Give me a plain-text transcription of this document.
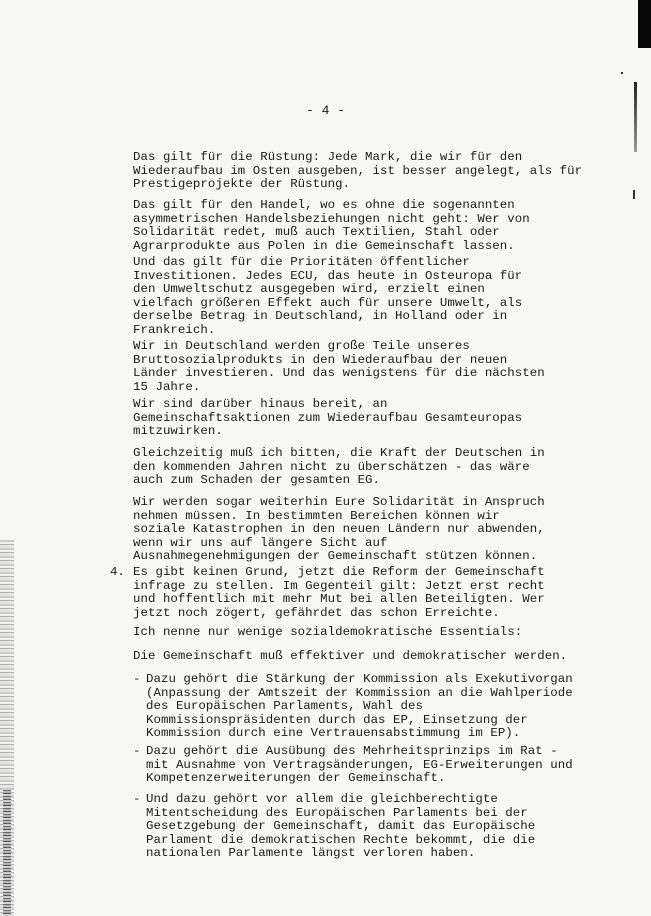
- 4 -

Das gilt für die Rüstung: Jede Mark, die wir für den
Wiederaufbau im Osten ausgeben, ist besser angelegt, als für
Prestigeprojekte der Rüstung.

Das gilt für den Handel, wo es ohne die sogenannten
asymmetrischen Handelsbeziehungen nicht geht: Wer von
Solidarität redet, muß auch Textilien, Stahl oder
Agrarprodukte aus Polen in die Gemeinschaft lassen.

Und das gilt für die Prioritäten öffentlicher
Investitionen. Jedes ECU, das heute in Osteuropa für
den Umweltschutz ausgegeben wird, erzielt einen
vielfach größeren Effekt auch für unsere Umwelt, als
derselbe Betrag in Deutschland, in Holland oder in
Frankreich.

Wir in Deutschland werden große Teile unseres
Bruttosozialprodukts in den Wiederaufbau der neuen
Länder investieren. Und das wenigstens für die nächsten
15 Jahre.

Wir sind darüber hinaus bereit, an
Gemeinschaftsaktionen zum Wiederaufbau Gesamteuropas
mitzuwirken.

Gleichzeitig muß ich bitten, die Kraft der Deutschen in
den kommenden Jahren nicht zu überschätzen - das wäre
auch zum Schaden der gesamten EG.

Wir werden sogar weiterhin Eure Solidarität in Anspruch
nehmen müssen. In bestimmten Bereichen können wir
soziale Katastrophen in den neuen Ländern nur abwenden,
wenn wir uns auf längere Sicht auf
Ausnahmegenehmigungen der Gemeinschaft stützen können.

4. Es gibt keinen Grund, jetzt die Reform der Gemeinschaft
infrage zu stellen. Im Gegenteil gilt: Jetzt erst recht
und hoffentlich mit mehr Mut bei allen Beteiligten. Wer
jetzt noch zögert, gefährdet das schon Erreichte.

Ich nenne nur wenige sozialdemokratische Essentials:

Die Gemeinschaft muß effektiver und demokratischer werden.

- Dazu gehört die Stärkung der Kommission als Exekutivorgan
(Anpassung der Amtszeit der Kommission an die Wahlperiode
des Europäischen Parlaments, Wahl des
Kommissionspräsidenten durch das EP, Einsetzung der
Kommission durch eine Vertrauensabstimmung im EP).

- Dazu gehört die Ausübung des Mehrheitsprinzips im Rat -
mit Ausnahme von Vertragsänderungen, EG-Erweiterungen und
Kompetenzerweiterungen der Gemeinschaft.

- Und dazu gehört vor allem die gleichberechtigte
Mitentscheidung des Europäischen Parlaments bei der
Gesetzgebung der Gemeinschaft, damit das Europäische
Parlament die demokratischen Rechte bekommt, die die
nationalen Parlamente längst verloren haben.
